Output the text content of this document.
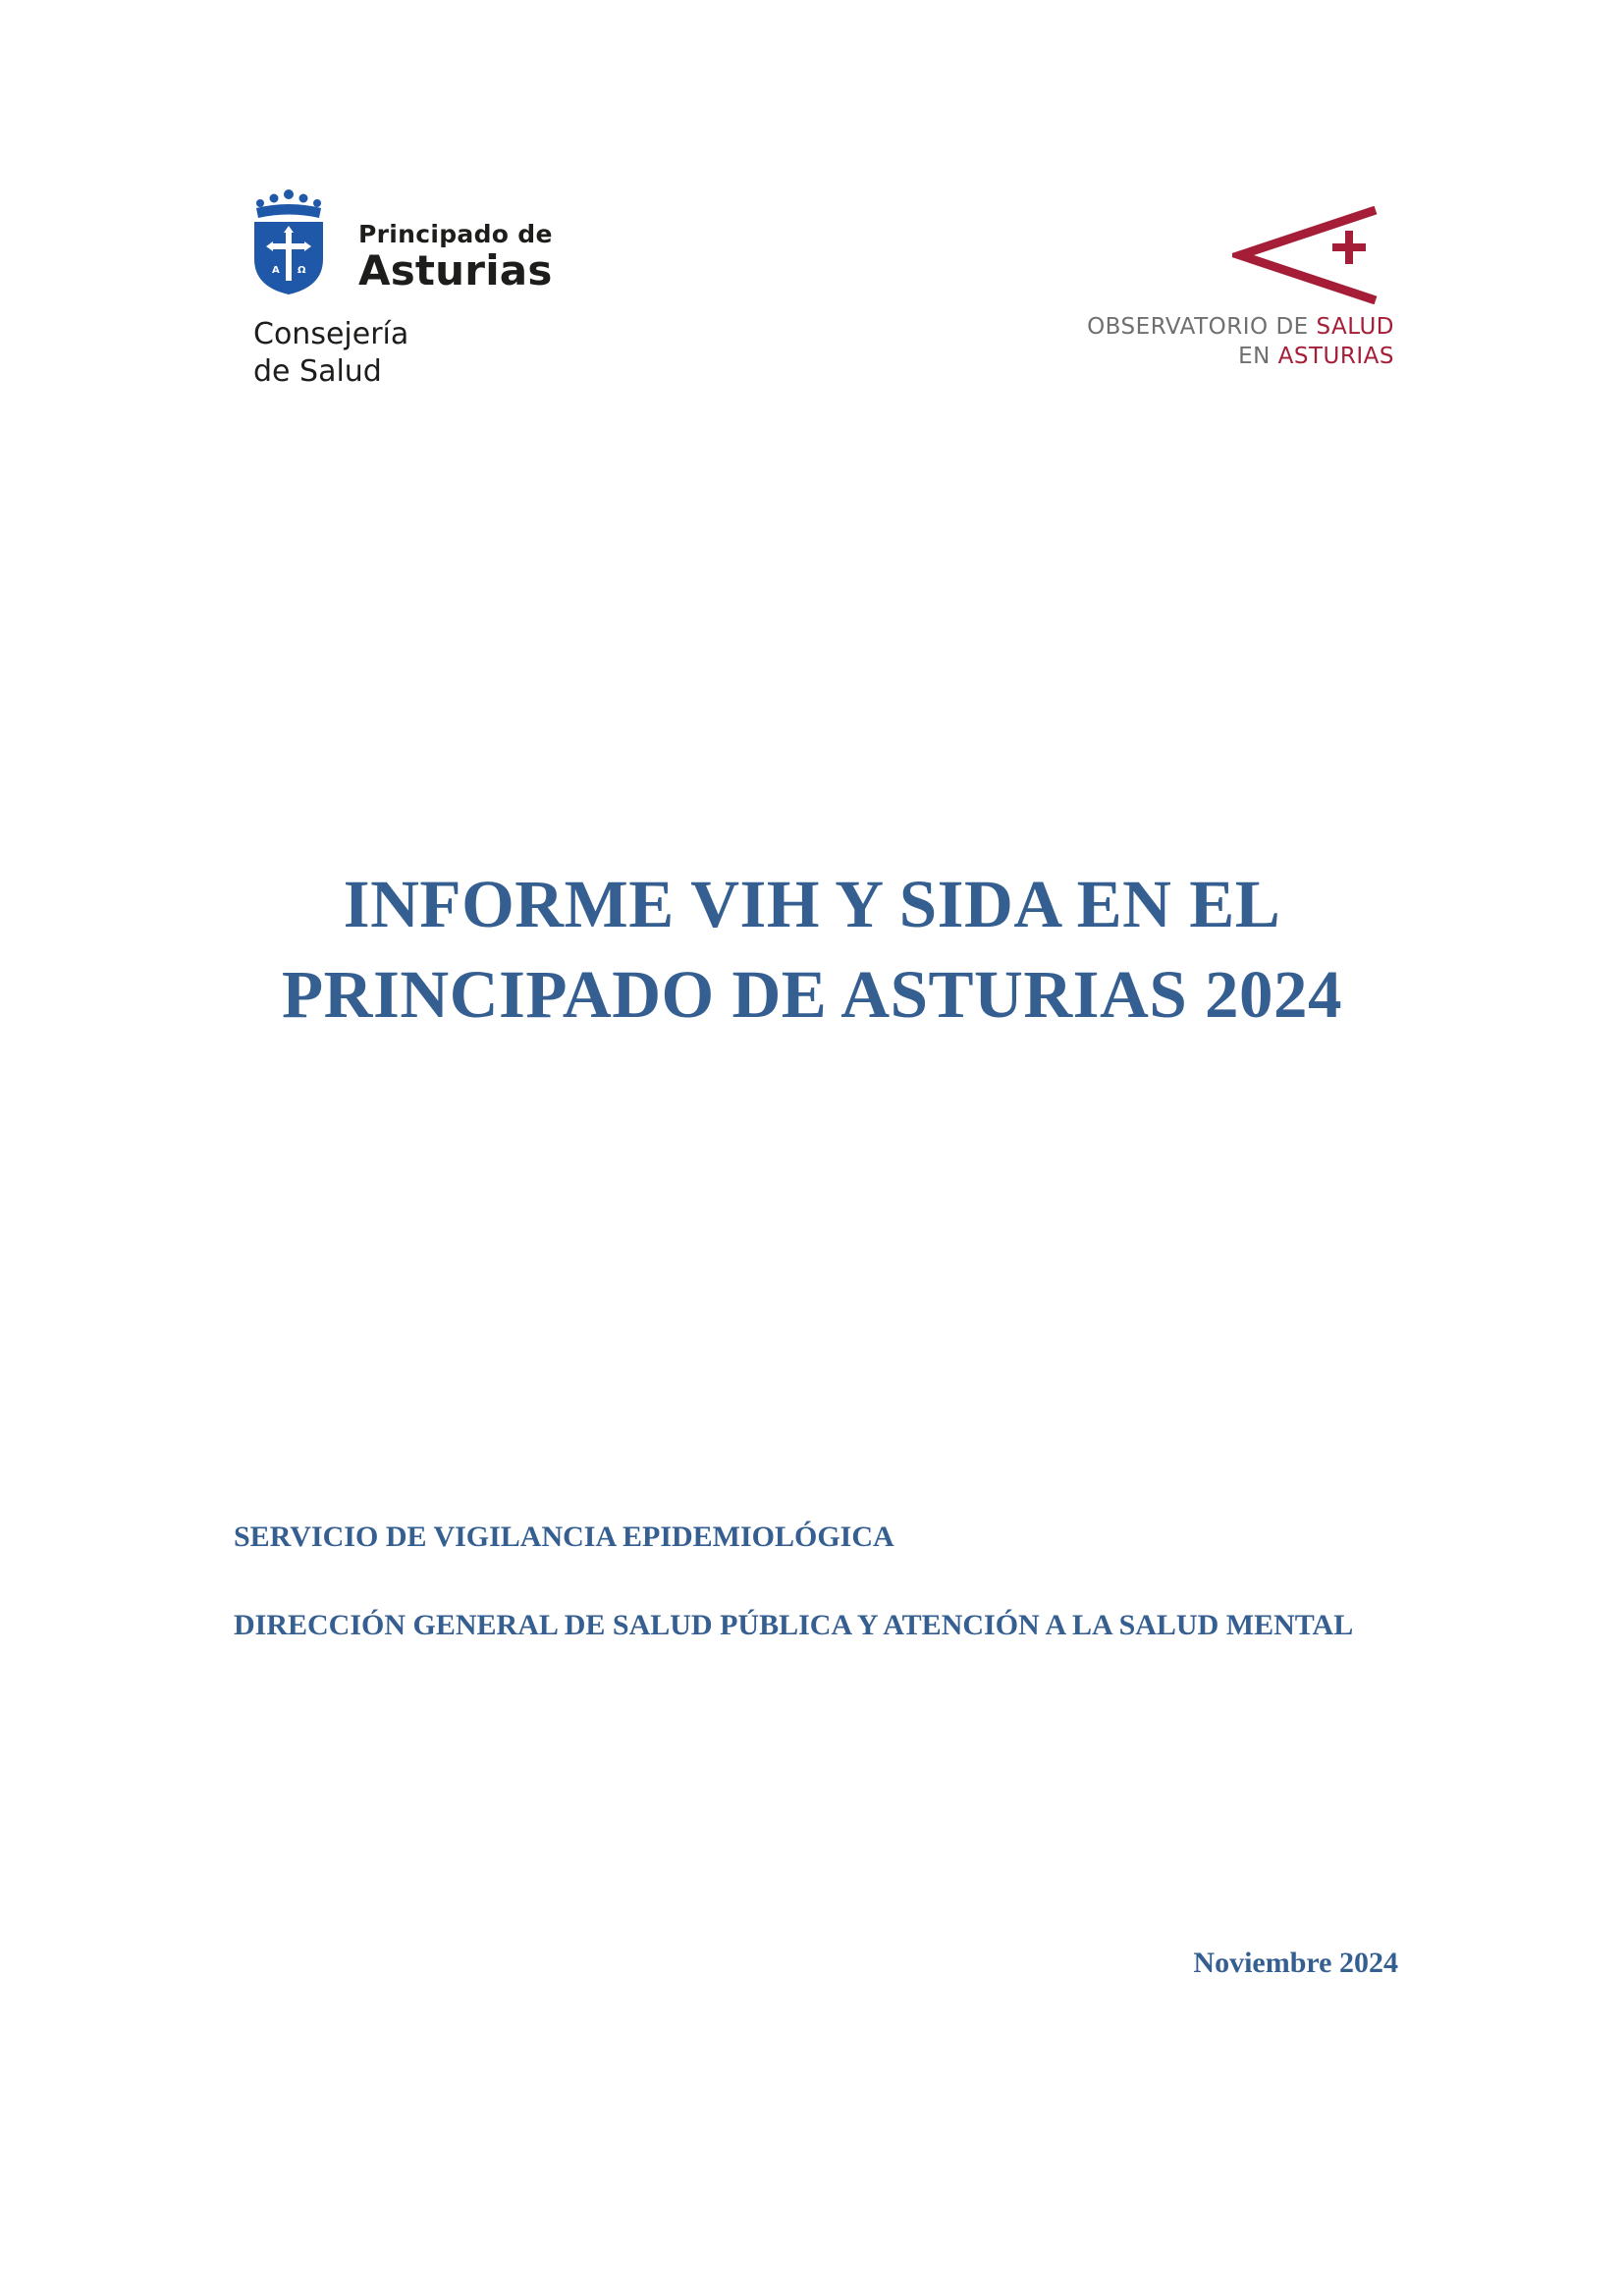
A Ω
Principado de
Asturias
Consejería
de Salud
OBSERVATORIO DE SALUD
EN ASTURIAS
INFORME VIH Y SIDA EN EL
PRINCIPADO DE ASTURIAS 2024
SERVICIO DE VIGILANCIA EPIDEMIOLÓGICA
DIRECCIÓN GENERAL DE SALUD PÚBLICA Y ATENCIÓN A LA SALUD MENTAL
Noviembre 2024
